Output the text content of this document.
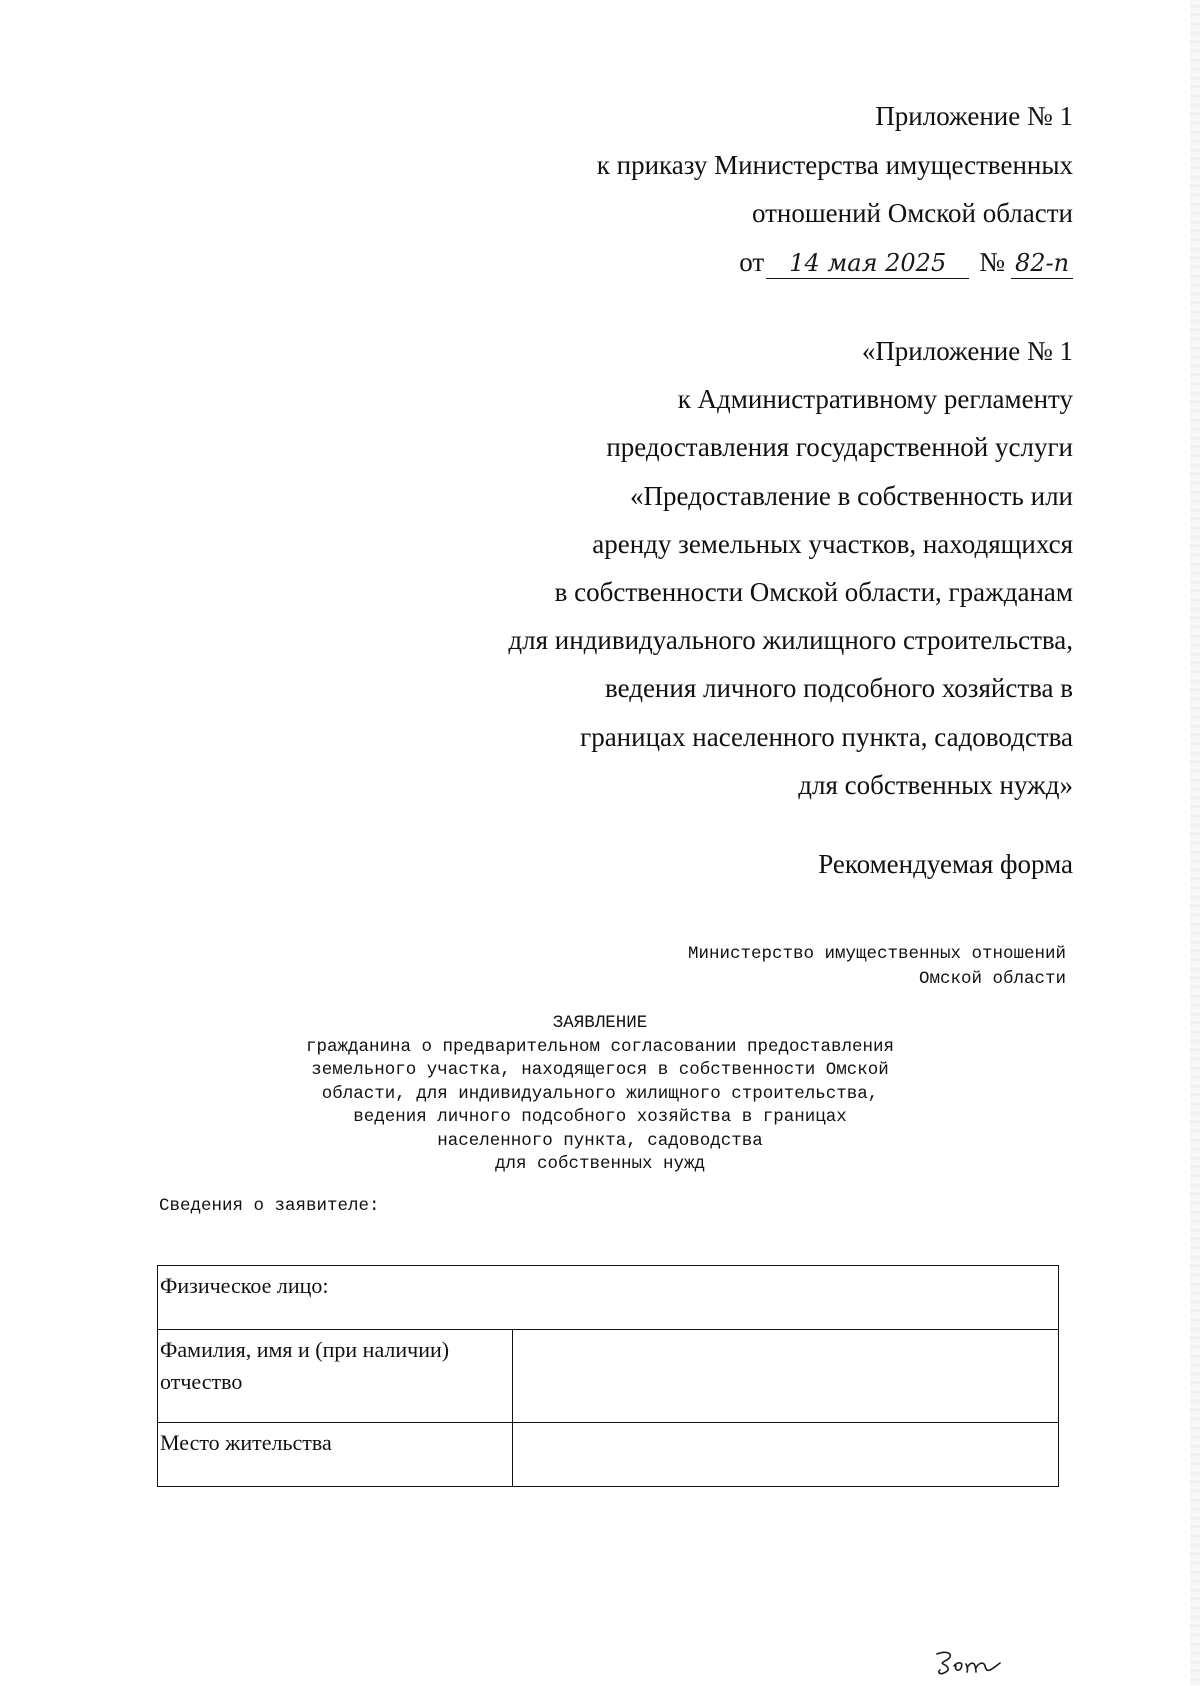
Приложение № 1
к приказу Министерства имущественных
отношений Омской области
от 14 мая 2025 № 82-п
«Приложение № 1
к Административному регламенту
предоставления государственной услуги
«Предоставление в собственность или
аренду земельных участков, находящихся
в собственности Омской области, гражданам
для индивидуального жилищного строительства,
ведения личного подсобного хозяйства в
границах населенного пункта, садоводства
для собственных нужд»
Рекомендуемая форма
Министерство имущественных отношений
Омской области
ЗАЯВЛЕНИЕ
гражданина о предварительном согласовании предоставления
земельного участка, находящегося в собственности Омской
области, для индивидуального жилищного строительства,
ведения личного подсобного хозяйства в границах
населенного пункта, садоводства
для собственных нужд
Сведения о заявителе:
Физическое лицо:	
Фамилия, имя и (при наличии) отчество	
Место жительства	
